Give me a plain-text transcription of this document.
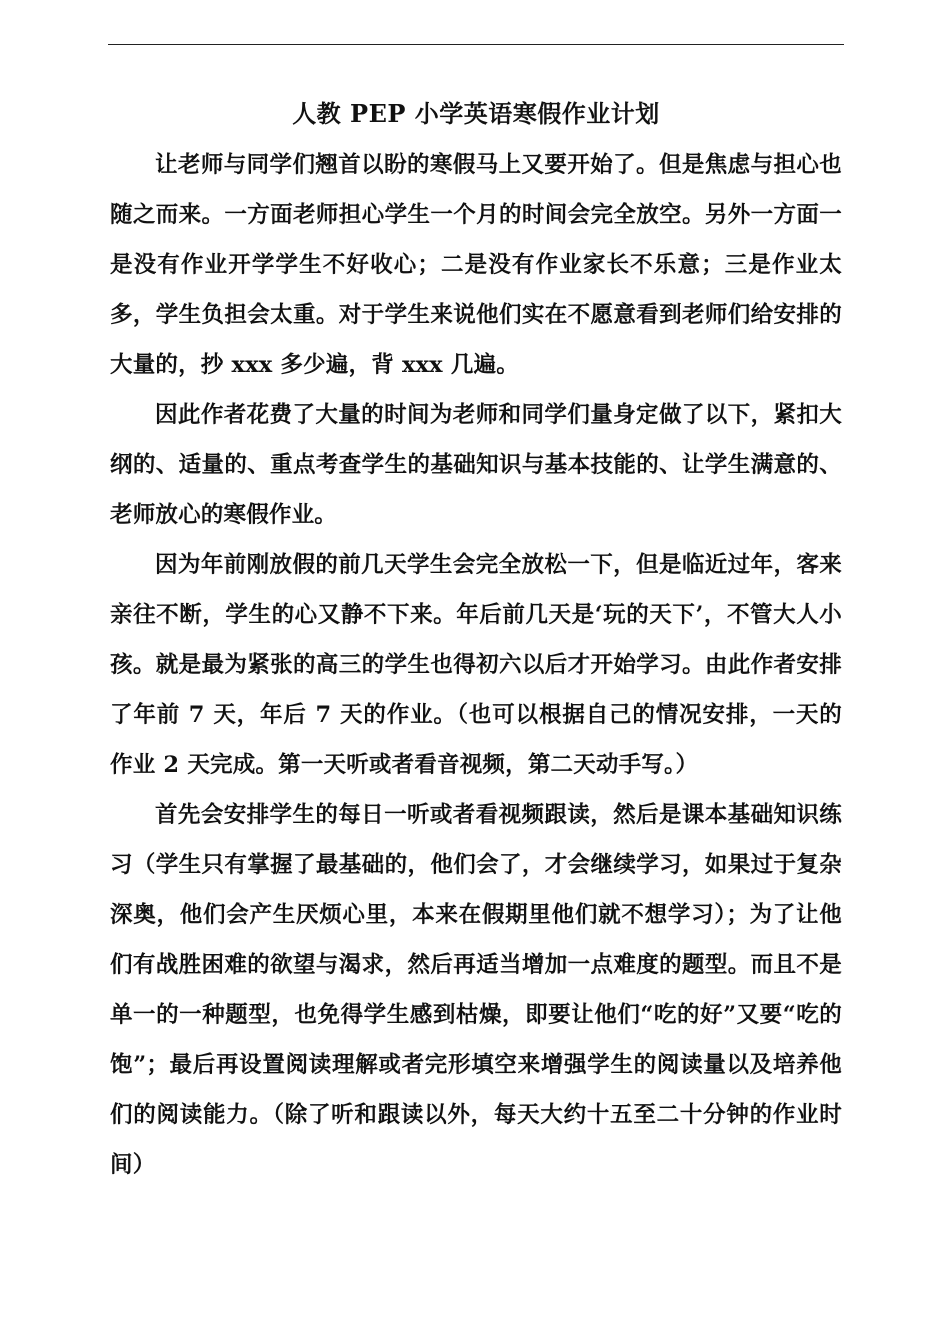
人教 PEP 小学英语寒假作业计划

让老师与同学们翘首以盼的寒假马上又要开始了。但是焦虑与担心也随之而来。一方面老师担心学生一个月的时间会完全放空。另外一方面一是没有作业开学学生不好收心；二是没有作业家长不乐意；三是作业太多，学生负担会太重。对于学生来说他们实在不愿意看到老师们给安排的大量的，抄 xxx 多少遍，背 xxx 几遍。

因此作者花费了大量的时间为老师和同学们量身定做了以下，紧扣大纲的、适量的、重点考查学生的基础知识与基本技能的、让学生满意的、老师放心的寒假作业。

因为年前刚放假的前几天学生会完全放松一下，但是临近过年，客来亲往不断，学生的心又静不下来。年后前几天是‘玩的天下’，不管大人小孩。就是最为紧张的高三的学生也得初六以后才开始学习。由此作者安排了年前 7 天，年后 7 天的作业。（也可以根据自己的情况安排，一天的作业 2 天完成。第一天听或者看音视频，第二天动手写。）

首先会安排学生的每日一听或者看视频跟读，然后是课本基础知识练习（学生只有掌握了最基础的，他们会了，才会继续学习，如果过于复杂深奥，他们会产生厌烦心里，本来在假期里他们就不想学习）；为了让他们有战胜困难的欲望与渴求，然后再适当增加一点难度的题型。而且不是单一的一种题型，也免得学生感到枯燥，即要让他们“吃的好”又要“吃的饱”；最后再设置阅读理解或者完形填空来增强学生的阅读量以及培养他们的阅读能力。（除了听和跟读以外，每天大约十五至二十分钟的作业时间）
